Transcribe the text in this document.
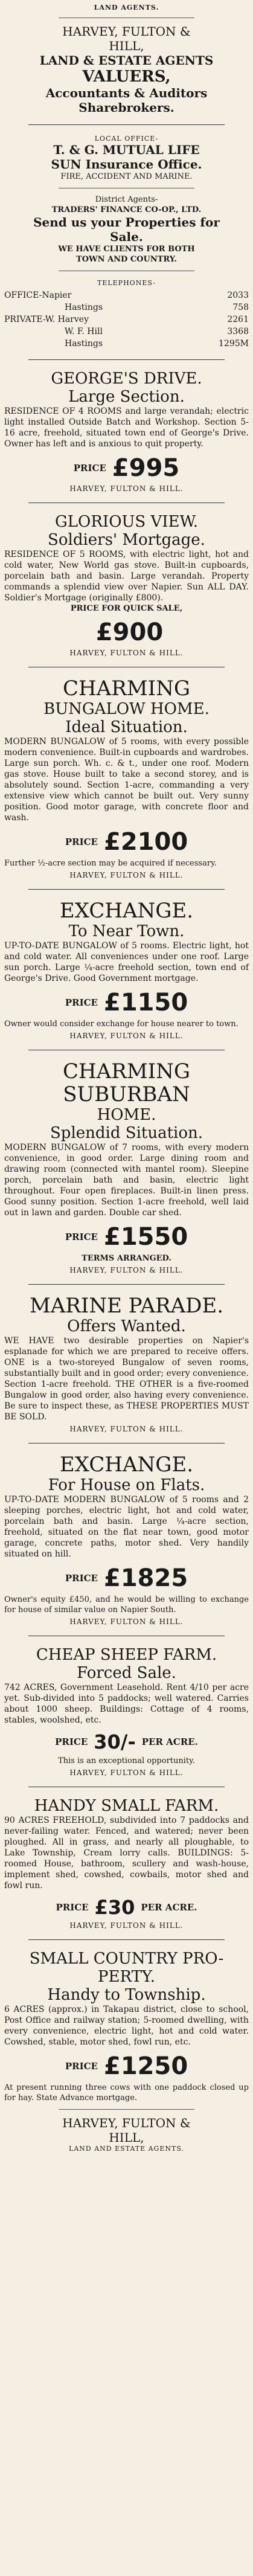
LAND AGENTS.

HARVEY, FULTON &

HILL,

LAND & ESTATE AGENTS

VALUERS,

Accountants & Auditors

Sharebrokers.

LOCAL OFFICE-

T. & G. MUTUAL LIFE

SUN Insurance Office.

FIRE, ACCIDENT AND MARINE.

District Agents-

TRADERS' FINANCE CO-OP., LTD.

Send us your Properties for

Sale.

WE HAVE CLIENTS FOR BOTH

TOWN AND COUNTRY.

TELEPHONES-

OFFICE-Napier	2033
Hastings	758
PRIVATE-W. Harvey	2261
W. F. Hill	3368
Hastings	1295M

GEORGE'S DRIVE.

Large Section.

RESIDENCE OF 4 ROOMS and large verandah; electric light installed Outside Batch and Workshop. Section 5-16 acre, freehold, situated town end of George's Drive. Owner has left and is anxious to quit property.

PRICE £995

HARVEY, FULTON & HILL.

GLORIOUS VIEW.

Soldiers' Mortgage.

RESIDENCE OF 5 ROOMS, with electric light, hot and cold water, New World gas stove. Built-in cupboards, porcelain bath and basin. Large verandah. Property commands a splendid view over Napier. Sun ALL DAY. Soldier's Mortgage (originally £800).

PRICE FOR QUICK SALE,

£900

HARVEY, FULTON & HILL.

CHARMING

BUNGALOW HOME.

Ideal Situation.

MODERN BUNGALOW of 5 rooms, with every possible modern convenience. Built-in cupboards and wardrobes. Large sun porch. Wh. c. & t., under one roof. Modern gas stove. House built to take a second storey, and is absolutely sound. Section 1-acre, commanding a very extensive view which cannot be built out. Very sunny position. Good motor garage, with concrete floor and wash.

PRICE £2100

Further ½-acre section may be acquired if necessary.

HARVEY, FULTON & HILL.

EXCHANGE.

To Near Town.

UP-TO-DATE BUNGALOW of 5 rooms. Electric light, hot and cold water. All conveniences under one roof. Large sun porch. Large ¼-acre freehold section, town end of George's Drive. Good Government mortgage.

PRICE £1150

Owner would consider exchange for house nearer to town.

HARVEY, FULTON & HILL.

CHARMING SUBURBAN

HOME.

Splendid Situation.

MODERN BUNGALOW of 7 rooms, with every modern convenience, in good order. Large dining room and drawing room (connected with mantel room). Sleepine porch, porcelain bath and basin, electric light throughout. Four open fireplaces. Built-in linen press. Good sunny position. Section 1-acre freehold, well laid out in lawn and garden. Double car shed.

PRICE £1550

TERMS ARRANGED.

HARVEY, FULTON & HILL.

MARINE PARADE.

Offers Wanted.

WE HAVE two desirable properties on Napier's esplanade for which we are prepared to receive offers. ONE is a two-storeyed Bungalow of seven rooms, substantially built and in good order; every convenience. Section 1-acre freehold. THE OTHER is a five-roomed Bungalow in good order, also having every convenience. Be sure to inspect these, as THESE PROPERTIES MUST BE SOLD.

HARVEY, FULTON & HILL.

EXCHANGE.

For House on Flats.

UP-TO-DATE MODERN BUNGALOW of 5 rooms and 2 sleeping porches, electric light, hot and cold water, porcelain bath and basin. Large ¼-acre section, freehold, situated on the flat near town, good motor garage, concrete paths, motor shed. Very handily situated on hill.

PRICE £1825

Owner's equity £450, and he would be willing to exchange for house of similar value on Napier South.

HARVEY, FULTON & HILL.

CHEAP SHEEP FARM.

Forced Sale.

742 ACRES, Government Leasehold. Rent 4/10 per acre yet. Sub-divided into 5 paddocks; well watered. Carries about 1000 sheep. Buildings: Cottage of 4 rooms, stables, woolshed, etc.

PRICE 30/- PER ACRE.

This is an exceptional opportunity.

HARVEY, FULTON & HILL.

HANDY SMALL FARM.

90 ACRES FREEHOLD, subdivided into 7 paddocks and never-failing water. Fenced, and watered; never been ploughed. All in grass, and nearly all ploughable, to Lake Township, Cream lorry calls. BUILDINGS: 5-roomed House, bathroom, scullery and wash-house, implement shed, cowshed, cowbails, motor shed and fowl run.

PRICE £30 PER ACRE.

HARVEY, FULTON & HILL.

SMALL COUNTRY PRO-

PERTY.

Handy to Township.

6 ACRES (approx.) in Takapau district, close to school, Post Office and railway station; 5-roomed dwelling, with every convenience, electric light, hot and cold water. Cowshed, stable, motor shed, fowl run, etc.

PRICE £1250

At present running three cows with one paddock closed up for hay. State Advance mortgage.

HARVEY, FULTON &

HILL,

LAND AND ESTATE AGENTS.
